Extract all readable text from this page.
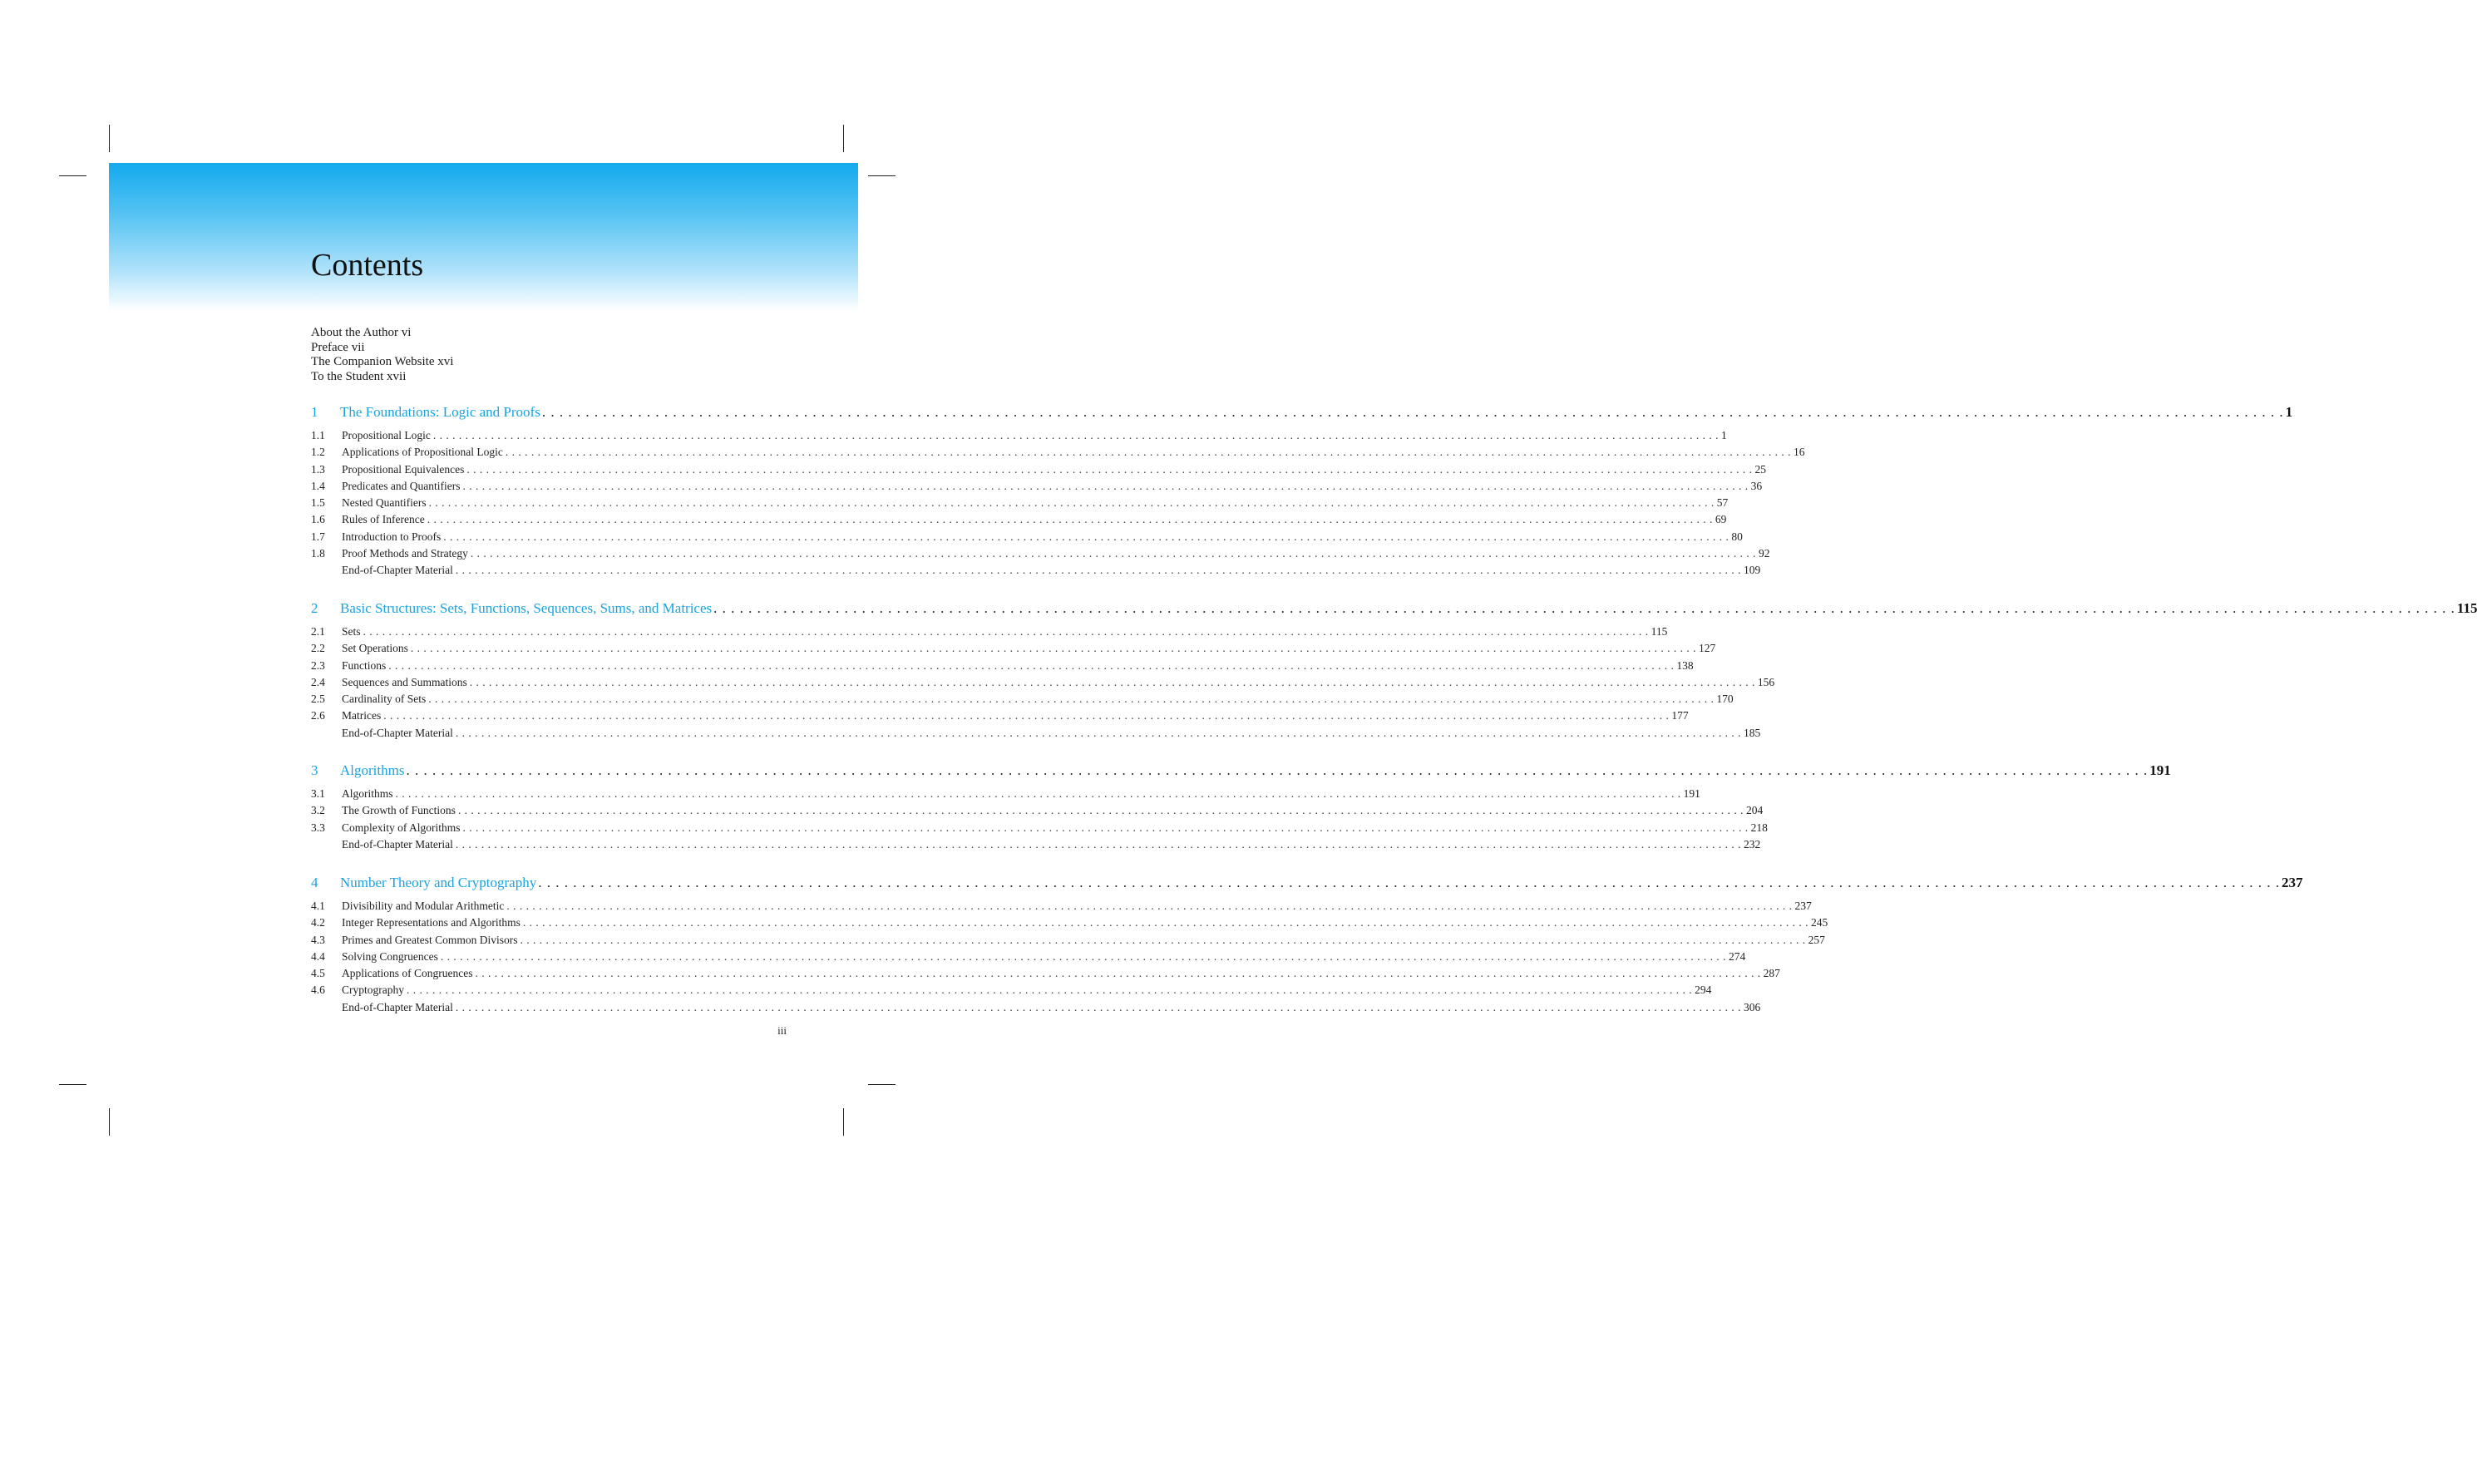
Contents
About the Author vi
Preface vii
The Companion Website xvi
To the Student xvii
1 The Foundations: Logic and Proofs . . . . . . . . . . . . . . . . . . . . . . . . . . . . . . . . . . . . . . . . . . . . . . . . . . . . . . . . . . . . . . . . . . . . . . . . . . . . . . . . . . . . . . . . . . . . . . . . . . . . . . . . . . . . . . . . . . . . . . . . . . . . . . . . . . . . . . . . . . . . . . . . . . . . . . . . . . . . . . . . . . . . . . . . . . . . . . . . . . . . . . . . . . . . . . . . . . . . . . . . 1
1.1 Propositional Logic . . . . . . . . . . . . . . . . . . . . . . . . . . . . . . . . . . . . . . . . . . . . . . . . . . . . . . . . . . . . . . . . . . . . . . . . . . . . . . . . . . . . . . . . . . . . . . . . . . . . . . . . . . . . . . . . . . . . . . . . . . . . . . . . . . . . . . . . . . . . . . . . . . . . . . . . . . . . . . . . . . . . . . . . . . . . . . . . . . . . . . . . . . . . . . . . . . . . . . . . 1
1.2 Applications of Propositional Logic . . . . . . . . . . . . . . . . . . . . . . . . . . . . . . . . . . . . . . . . . . . . . . . . . . . . . . . . . . . . . . . . . . . . . . . . . . . . . . . . . . . . . . . . . . . . . . . . . . . . . . . . . . . . . . . . . . . . . . . . . . . . . . . . . . . . . . . . . . . . . . . . . . . . . . . . . . . . . . . . . . . . . . . . . . . . . . . . . . . . . . . . . . . . . . . . . . . . . . . . 16
1.3 Propositional Equivalences . . . . . . . . . . . . . . . . . . . . . . . . . . . . . . . . . . . . . . . . . . . . . . . . . . . . . . . . . . . . . . . . . . . . . . . . . . . . . . . . . . . . . . . . . . . . . . . . . . . . . . . . . . . . . . . . . . . . . . . . . . . . . . . . . . . . . . . . . . . . . . . . . . . . . . . . . . . . . . . . . . . . . . . . . . . . . . . . . . . . . . . . . . . . . . . . . . . . . . . . 25
1.4 Predicates and Quantifiers . . . . . . . . . . . . . . . . . . . . . . . . . . . . . . . . . . . . . . . . . . . . . . . . . . . . . . . . . . . . . . . . . . . . . . . . . . . . . . . . . . . . . . . . . . . . . . . . . . . . . . . . . . . . . . . . . . . . . . . . . . . . . . . . . . . . . . . . . . . . . . . . . . . . . . . . . . . . . . . . . . . . . . . . . . . . . . . . . . . . . . . . . . . . . . . . . . . . . . . . 36
1.5 Nested Quantifiers . . . . . . . . . . . . . . . . . . . . . . . . . . . . . . . . . . . . . . . . . . . . . . . . . . . . . . . . . . . . . . . . . . . . . . . . . . . . . . . . . . . . . . . . . . . . . . . . . . . . . . . . . . . . . . . . . . . . . . . . . . . . . . . . . . . . . . . . . . . . . . . . . . . . . . . . . . . . . . . . . . . . . . . . . . . . . . . . . . . . . . . . . . . . . . . . . . . . . . . . 57
1.6 Rules of Inference . . . . . . . . . . . . . . . . . . . . . . . . . . . . . . . . . . . . . . . . . . . . . . . . . . . . . . . . . . . . . . . . . . . . . . . . . . . . . . . . . . . . . . . . . . . . . . . . . . . . . . . . . . . . . . . . . . . . . . . . . . . . . . . . . . . . . . . . . . . . . . . . . . . . . . . . . . . . . . . . . . . . . . . . . . . . . . . . . . . . . . . . . . . . . . . . . . . . . . . . 69
1.7 Introduction to Proofs . . . . . . . . . . . . . . . . . . . . . . . . . . . . . . . . . . . . . . . . . . . . . . . . . . . . . . . . . . . . . . . . . . . . . . . . . . . . . . . . . . . . . . . . . . . . . . . . . . . . . . . . . . . . . . . . . . . . . . . . . . . . . . . . . . . . . . . . . . . . . . . . . . . . . . . . . . . . . . . . . . . . . . . . . . . . . . . . . . . . . . . . . . . . . . . . . . . . . . . . 80
1.8 Proof Methods and Strategy . . . . . . . . . . . . . . . . . . . . . . . . . . . . . . . . . . . . . . . . . . . . . . . . . . . . . . . . . . . . . . . . . . . . . . . . . . . . . . . . . . . . . . . . . . . . . . . . . . . . . . . . . . . . . . . . . . . . . . . . . . . . . . . . . . . . . . . . . . . . . . . . . . . . . . . . . . . . . . . . . . . . . . . . . . . . . . . . . . . . . . . . . . . . . . . . . . . . . . . . 92
End-of-Chapter Material . . . . . . . . . . . . . . . . . . . . . . . . . . . . . . . . . . . . . . . . . . . . . . . . . . . . . . . . . . . . . . . . . . . . . . . . . . . . . . . . . . . . . . . . . . . . . . . . . . . . . . . . . . . . . . . . . . . . . . . . . . . . . . . . . . . . . . . . . . . . . . . . . . . . . . . . . . . . . . . . . . . . . . . . . . . . . . . . . . . . . . . . . . . . . . . . . . . . . . . . 109
2 Basic Structures: Sets, Functions, Sequences, Sums, and Matrices . . . . . . . . . . . . . . . . . . . . . . . . . . . . . . . . . . . . . . . . . . . . . . . . . . . . . . . . . . . . . . . . . . . . . . . . . . . . . . . . . . . . . . . . . . . . . . . . . . . . . . . . . . . . . . . . . . . . . . . . . . . . . . . . . . . . . . . . . . . . . . . . . . . . . . . . . . . . . . . . . . . . . . . . . . . . . . . . . . . . . . . . . . . . . . . . . . . . . . . . 115
2.1 Sets . . . . . . . . . . . . . . . . . . . . . . . . . . . . . . . . . . . . . . . . . . . . . . . . . . . . . . . . . . . . . . . . . . . . . . . . . . . . . . . . . . . . . . . . . . . . . . . . . . . . . . . . . . . . . . . . . . . . . . . . . . . . . . . . . . . . . . . . . . . . . . . . . . . . . . . . . . . . . . . . . . . . . . . . . . . . . . . . . . . . . . . . . . . . . . . . . . . . . . . . 115
2.2 Set Operations . . . . . . . . . . . . . . . . . . . . . . . . . . . . . . . . . . . . . . . . . . . . . . . . . . . . . . . . . . . . . . . . . . . . . . . . . . . . . . . . . . . . . . . . . . . . . . . . . . . . . . . . . . . . . . . . . . . . . . . . . . . . . . . . . . . . . . . . . . . . . . . . . . . . . . . . . . . . . . . . . . . . . . . . . . . . . . . . . . . . . . . . . . . . . . . . . . . . . . . . 127
2.3 Functions . . . . . . . . . . . . . . . . . . . . . . . . . . . . . . . . . . . . . . . . . . . . . . . . . . . . . . . . . . . . . . . . . . . . . . . . . . . . . . . . . . . . . . . . . . . . . . . . . . . . . . . . . . . . . . . . . . . . . . . . . . . . . . . . . . . . . . . . . . . . . . . . . . . . . . . . . . . . . . . . . . . . . . . . . . . . . . . . . . . . . . . . . . . . . . . . . . . . . . . . 138
2.4 Sequences and Summations . . . . . . . . . . . . . . . . . . . . . . . . . . . . . . . . . . . . . . . . . . . . . . . . . . . . . . . . . . . . . . . . . . . . . . . . . . . . . . . . . . . . . . . . . . . . . . . . . . . . . . . . . . . . . . . . . . . . . . . . . . . . . . . . . . . . . . . . . . . . . . . . . . . . . . . . . . . . . . . . . . . . . . . . . . . . . . . . . . . . . . . . . . . . . . . . . . . . . . . . 156
2.5 Cardinality of Sets . . . . . . . . . . . . . . . . . . . . . . . . . . . . . . . . . . . . . . . . . . . . . . . . . . . . . . . . . . . . . . . . . . . . . . . . . . . . . . . . . . . . . . . . . . . . . . . . . . . . . . . . . . . . . . . . . . . . . . . . . . . . . . . . . . . . . . . . . . . . . . . . . . . . . . . . . . . . . . . . . . . . . . . . . . . . . . . . . . . . . . . . . . . . . . . . . . . . . . . . 170
2.6 Matrices . . . . . . . . . . . . . . . . . . . . . . . . . . . . . . . . . . . . . . . . . . . . . . . . . . . . . . . . . . . . . . . . . . . . . . . . . . . . . . . . . . . . . . . . . . . . . . . . . . . . . . . . . . . . . . . . . . . . . . . . . . . . . . . . . . . . . . . . . . . . . . . . . . . . . . . . . . . . . . . . . . . . . . . . . . . . . . . . . . . . . . . . . . . . . . . . . . . . . . . . 177
End-of-Chapter Material . . . . . . . . . . . . . . . . . . . . . . . . . . . . . . . . . . . . . . . . . . . . . . . . . . . . . . . . . . . . . . . . . . . . . . . . . . . . . . . . . . . . . . . . . . . . . . . . . . . . . . . . . . . . . . . . . . . . . . . . . . . . . . . . . . . . . . . . . . . . . . . . . . . . . . . . . . . . . . . . . . . . . . . . . . . . . . . . . . . . . . . . . . . . . . . . . . . . . . . . 185
3 Algorithms . . . . . . . . . . . . . . . . . . . . . . . . . . . . . . . . . . . . . . . . . . . . . . . . . . . . . . . . . . . . . . . . . . . . . . . . . . . . . . . . . . . . . . . . . . . . . . . . . . . . . . . . . . . . . . . . . . . . . . . . . . . . . . . . . . . . . . . . . . . . . . . . . . . . . . . . . . . . . . . . . . . . . . . . . . . . . . . . . . . . . . . . . . . . . . . . . . . . . . . . 191
3.1 Algorithms . . . . . . . . . . . . . . . . . . . . . . . . . . . . . . . . . . . . . . . . . . . . . . . . . . . . . . . . . . . . . . . . . . . . . . . . . . . . . . . . . . . . . . . . . . . . . . . . . . . . . . . . . . . . . . . . . . . . . . . . . . . . . . . . . . . . . . . . . . . . . . . . . . . . . . . . . . . . . . . . . . . . . . . . . . . . . . . . . . . . . . . . . . . . . . . . . . . . . . . . 191
3.2 The Growth of Functions . . . . . . . . . . . . . . . . . . . . . . . . . . . . . . . . . . . . . . . . . . . . . . . . . . . . . . . . . . . . . . . . . . . . . . . . . . . . . . . . . . . . . . . . . . . . . . . . . . . . . . . . . . . . . . . . . . . . . . . . . . . . . . . . . . . . . . . . . . . . . . . . . . . . . . . . . . . . . . . . . . . . . . . . . . . . . . . . . . . . . . . . . . . . . . . . . . . . . . . . 204
3.3 Complexity of Algorithms . . . . . . . . . . . . . . . . . . . . . . . . . . . . . . . . . . . . . . . . . . . . . . . . . . . . . . . . . . . . . . . . . . . . . . . . . . . . . . . . . . . . . . . . . . . . . . . . . . . . . . . . . . . . . . . . . . . . . . . . . . . . . . . . . . . . . . . . . . . . . . . . . . . . . . . . . . . . . . . . . . . . . . . . . . . . . . . . . . . . . . . . . . . . . . . . . . . . . . . . 218
End-of-Chapter Material . . . . . . . . . . . . . . . . . . . . . . . . . . . . . . . . . . . . . . . . . . . . . . . . . . . . . . . . . . . . . . . . . . . . . . . . . . . . . . . . . . . . . . . . . . . . . . . . . . . . . . . . . . . . . . . . . . . . . . . . . . . . . . . . . . . . . . . . . . . . . . . . . . . . . . . . . . . . . . . . . . . . . . . . . . . . . . . . . . . . . . . . . . . . . . . . . . . . . . . . 232
4 Number Theory and Cryptography . . . . . . . . . . . . . . . . . . . . . . . . . . . . . . . . . . . . . . . . . . . . . . . . . . . . . . . . . . . . . . . . . . . . . . . . . . . . . . . . . . . . . . . . . . . . . . . . . . . . . . . . . . . . . . . . . . . . . . . . . . . . . . . . . . . . . . . . . . . . . . . . . . . . . . . . . . . . . . . . . . . . . . . . . . . . . . . . . . . . . . . . . . . . . . . . . . . . . . . . 237
4.1 Divisibility and Modular Arithmetic . . . . . . . . . . . . . . . . . . . . . . . . . . . . . . . . . . . . . . . . . . . . . . . . . . . . . . . . . . . . . . . . . . . . . . . . . . . . . . . . . . . . . . . . . . . . . . . . . . . . . . . . . . . . . . . . . . . . . . . . . . . . . . . . . . . . . . . . . . . . . . . . . . . . . . . . . . . . . . . . . . . . . . . . . . . . . . . . . . . . . . . . . . . . . . . . . . . . . . . . 237
4.2 Integer Representations and Algorithms . . . . . . . . . . . . . . . . . . . . . . . . . . . . . . . . . . . . . . . . . . . . . . . . . . . . . . . . . . . . . . . . . . . . . . . . . . . . . . . . . . . . . . . . . . . . . . . . . . . . . . . . . . . . . . . . . . . . . . . . . . . . . . . . . . . . . . . . . . . . . . . . . . . . . . . . . . . . . . . . . . . . . . . . . . . . . . . . . . . . . . . . . . . . . . . . . . . . . . . . 245
4.3 Primes and Greatest Common Divisors . . . . . . . . . . . . . . . . . . . . . . . . . . . . . . . . . . . . . . . . . . . . . . . . . . . . . . . . . . . . . . . . . . . . . . . . . . . . . . . . . . . . . . . . . . . . . . . . . . . . . . . . . . . . . . . . . . . . . . . . . . . . . . . . . . . . . . . . . . . . . . . . . . . . . . . . . . . . . . . . . . . . . . . . . . . . . . . . . . . . . . . . . . . . . . . . . . . . . . . . 257
4.4 Solving Congruences . . . . . . . . . . . . . . . . . . . . . . . . . . . . . . . . . . . . . . . . . . . . . . . . . . . . . . . . . . . . . . . . . . . . . . . . . . . . . . . . . . . . . . . . . . . . . . . . . . . . . . . . . . . . . . . . . . . . . . . . . . . . . . . . . . . . . . . . . . . . . . . . . . . . . . . . . . . . . . . . . . . . . . . . . . . . . . . . . . . . . . . . . . . . . . . . . . . . . . . . 274
4.5 Applications of Congruences . . . . . . . . . . . . . . . . . . . . . . . . . . . . . . . . . . . . . . . . . . . . . . . . . . . . . . . . . . . . . . . . . . . . . . . . . . . . . . . . . . . . . . . . . . . . . . . . . . . . . . . . . . . . . . . . . . . . . . . . . . . . . . . . . . . . . . . . . . . . . . . . . . . . . . . . . . . . . . . . . . . . . . . . . . . . . . . . . . . . . . . . . . . . . . . . . . . . . . . . 287
4.6 Cryptography . . . . . . . . . . . . . . . . . . . . . . . . . . . . . . . . . . . . . . . . . . . . . . . . . . . . . . . . . . . . . . . . . . . . . . . . . . . . . . . . . . . . . . . . . . . . . . . . . . . . . . . . . . . . . . . . . . . . . . . . . . . . . . . . . . . . . . . . . . . . . . . . . . . . . . . . . . . . . . . . . . . . . . . . . . . . . . . . . . . . . . . . . . . . . . . . . . . . . . . . 294
End-of-Chapter Material . . . . . . . . . . . . . . . . . . . . . . . . . . . . . . . . . . . . . . . . . . . . . . . . . . . . . . . . . . . . . . . . . . . . . . . . . . . . . . . . . . . . . . . . . . . . . . . . . . . . . . . . . . . . . . . . . . . . . . . . . . . . . . . . . . . . . . . . . . . . . . . . . . . . . . . . . . . . . . . . . . . . . . . . . . . . . . . . . . . . . . . . . . . . . . . . . . . . . . . . 306
iii
